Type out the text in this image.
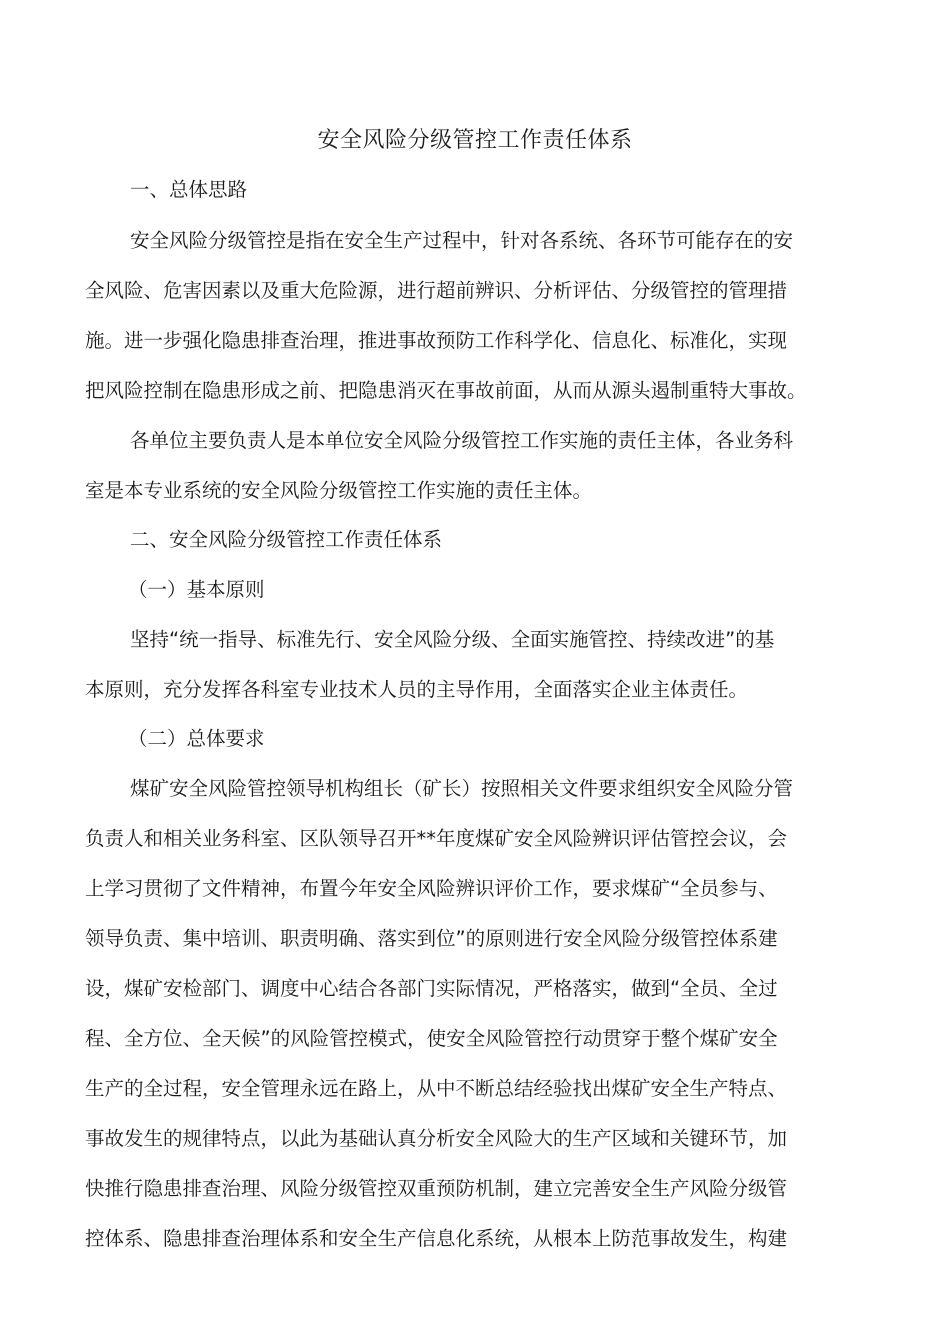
安全风险分级管控工作责任体系
一、总体思路
安全风险分级管控是指在安全生产过程中，针对各系统、各环节可能存在的安
全风险、危害因素以及重大危险源，进行超前辨识、分析评估、分级管控的管理措
施。进一步强化隐患排查治理，推进事故预防工作科学化、信息化、标准化，实现
把风险控制在隐患形成之前、把隐患消灭在事故前面，从而从源头遏制重特大事故。
各单位主要负责人是本单位安全风险分级管控工作实施的责任主体，各业务科
室是本专业系统的安全风险分级管控工作实施的责任主体。
二、安全风险分级管控工作责任体系
（一）基本原则
坚持“统一指导、标准先行、安全风险分级、全面实施管控、持续改进”的基
本原则，充分发挥各科室专业技术人员的主导作用，全面落实企业主体责任。
（二）总体要求
煤矿安全风险管控领导机构组长（矿长）按照相关文件要求组织安全风险分管
负责人和相关业务科室、区队领导召开**年度煤矿安全风险辨识评估管控会议，会
上学习贯彻了文件精神，布置今年安全风险辨识评价工作，要求煤矿“全员参与、
领导负责、集中培训、职责明确、落实到位”的原则进行安全风险分级管控体系建
设，煤矿安检部门、调度中心结合各部门实际情况，严格落实，做到“全员、全过
程、全方位、全天候”的风险管控模式，使安全风险管控行动贯穿于整个煤矿安全
生产的全过程，安全管理永远在路上，从中不断总结经验找出煤矿安全生产特点、
事故发生的规律特点，以此为基础认真分析安全风险大的生产区域和关键环节，加
快推行隐患排查治理、风险分级管控双重预防机制，建立完善安全生产风险分级管
控体系、隐患排查治理体系和安全生产信息化系统，从根本上防范事故发生，构建
